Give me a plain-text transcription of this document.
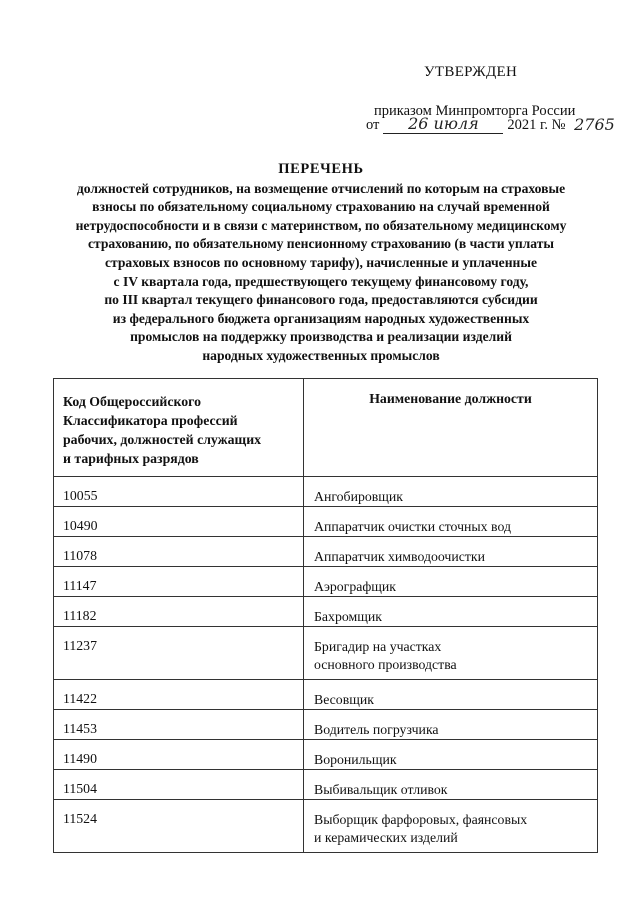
УТВЕРЖДЕН
приказом Минпромторга России
от	26 июля	2021 г. № 2765
ПЕРЕЧЕНЬ
должностей сотрудников, на возмещение отчислений по которым на страховые
взносы по обязательному социальному страхованию на случай временной
нетрудоспособности и в связи с материнством, по обязательному медицинскому
страхованию, по обязательному пенсионному страхованию (в части уплаты
страховых взносов по основному тарифу), начисленные и уплаченные
с IV квартала года, предшествующего текущему финансовому году,
по III квартал текущего финансового года, предоставляются субсидии
из федерального бюджета организациям народных художественных
промыслов на поддержку производства и реализации изделий
народных художественных промыслов
Код Общероссийского
Классификатора профессий
рабочих, должностей служащих
и тарифных разрядов	Наименование должности
10055	Ангобировщик

10490	Аппаратчик очистки сточных вод

11078	Аппаратчик химводоочистки

11147	Аэрографщик

11182	Бахромщик

11237	Бригадир на участках
основного производства

11422	Весовщик

11453	Водитель погрузчика

11490	Воронильщик

11504	Выбивальщик отливок

11524	Выборщик фарфоровых, фаянсовых
и керамических изделий
